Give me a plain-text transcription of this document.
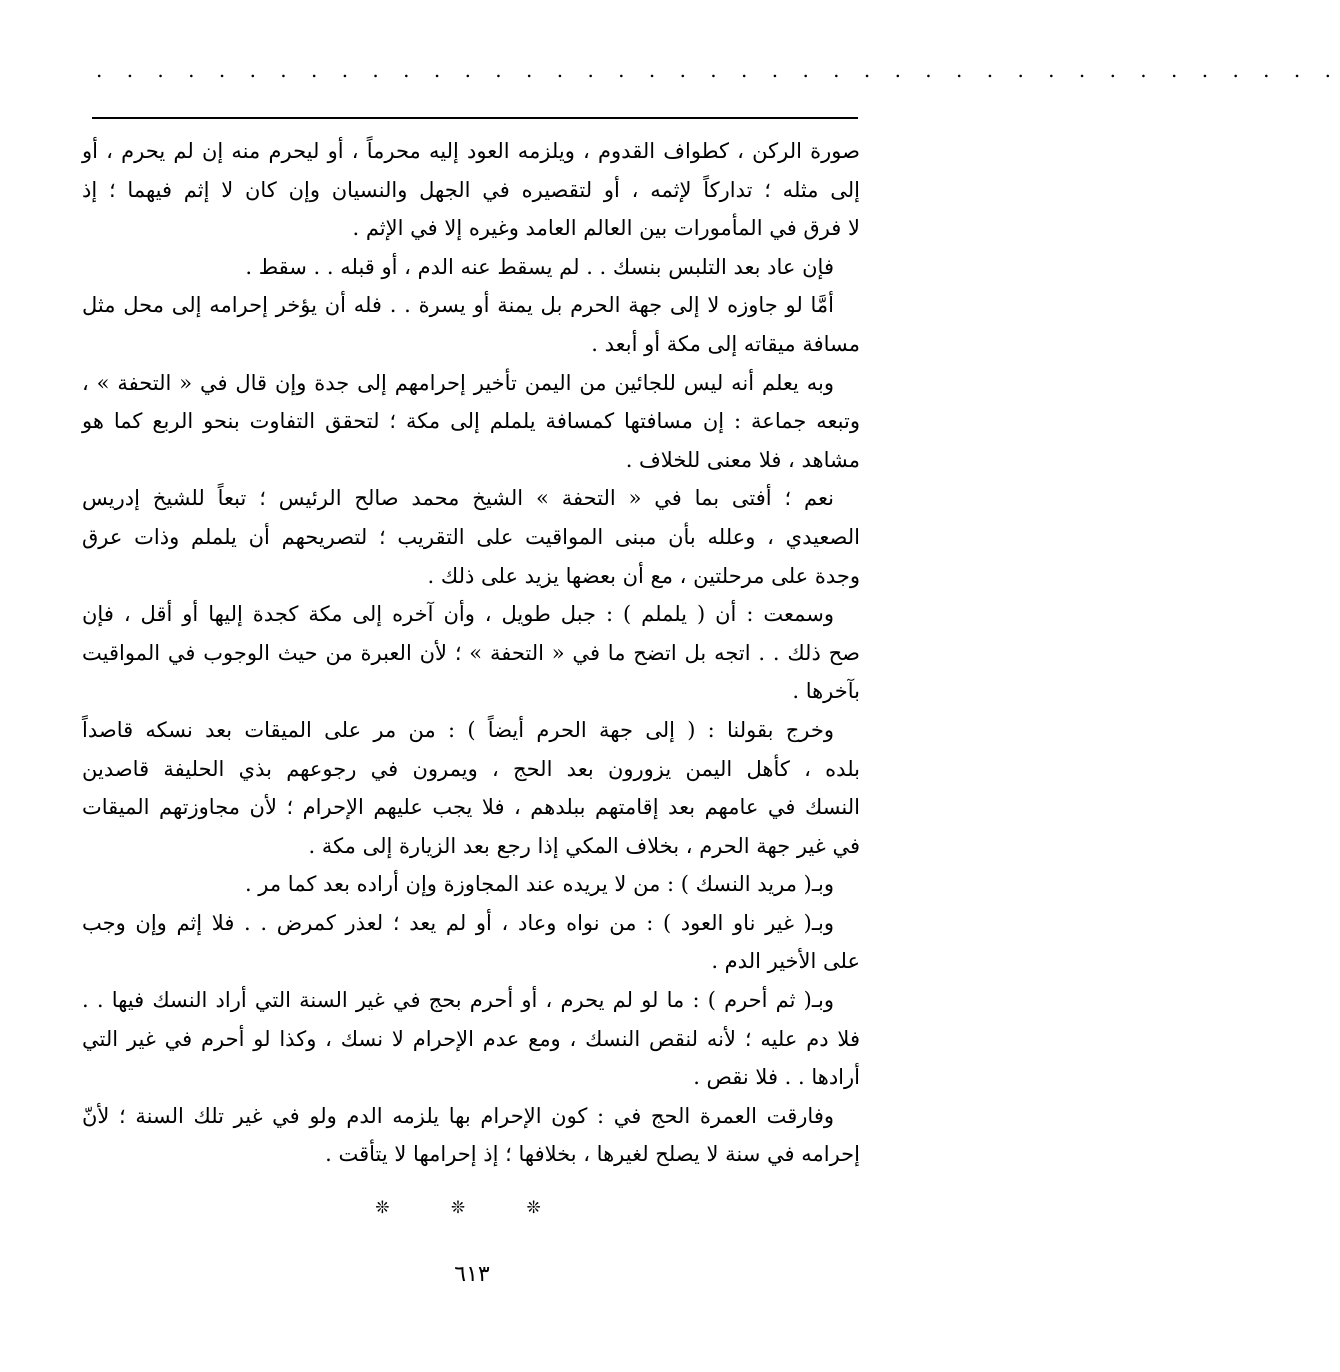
. . . . . . . . . . . . . . . . . . . . . . . . . . . . . . . . . . . . . . . . .
صورة الركن ، كطواف القدوم ، ويلزمه العود إليه محرماً ، أو ليحرم منه إن لم يحرم ، أو
إلى مثله ؛ تداركاً لإثمه ، أو لتقصيره في الجهل والنسيان وإن كان لا إثم فيهما ؛ إذ
لا فرق في المأمورات بين العالم العامد وغيره إلا في الإثم .
فإن عاد بعد التلبس بنسك . . لم يسقط عنه الدم ، أو قبله . . سقط .
أمَّا لو جاوزه لا إلى جهة الحرم بل يمنة أو يسرة . . فله أن يؤخر إحرامه إلى محل مثل
مسافة ميقاته إلى مكة أو أبعد .
وبه يعلم أنه ليس للجائين من اليمن تأخير إحرامهم إلى جدة وإن قال في « التحفة » ،
وتبعه جماعة : إن مسافتها كمسافة يلملم إلى مكة ؛ لتحقق التفاوت بنحو الربع كما هو
مشاهد ، فلا معنى للخلاف .
نعم ؛ أفتى بما في « التحفة » الشيخ محمد صالح الرئيس ؛ تبعاً للشيخ إدريس
الصعيدي ، وعلله بأن مبنى المواقيت على التقريب ؛ لتصريحهم أن يلملم وذات عرق
وجدة على مرحلتين ، مع أن بعضها يزيد على ذلك .
وسمعت : أن ( يلملم ) : جبل طويل ، وأن آخره إلى مكة كجدة إليها أو أقل ، فإن
صح ذلك . . اتجه بل اتضح ما في « التحفة » ؛ لأن العبرة من حيث الوجوب في المواقيت
بآخرها .
وخرج بقولنا : ( إلى جهة الحرم أيضاً ) : من مر على الميقات بعد نسكه قاصداً
بلده ، كأهل اليمن يزورون بعد الحج ، ويمرون في رجوعهم بذي الحليفة قاصدين
النسك في عامهم بعد إقامتهم ببلدهم ، فلا يجب عليهم الإحرام ؛ لأن مجاوزتهم الميقات
في غير جهة الحرم ، بخلاف المكي إذا رجع بعد الزيارة إلى مكة .
وبـ( مريد النسك ) : من لا يريده عند المجاوزة وإن أراده بعد كما مر .
وبـ( غير ناو العود ) : من نواه وعاد ، أو لم يعد ؛ لعذر كمرض . . فلا إثم وإن وجب
على الأخير الدم .
وبـ( ثم أحرم ) : ما لو لم يحرم ، أو أحرم بحج في غير السنة التي أراد النسك فيها . .
فلا دم عليه ؛ لأنه لنقص النسك ، ومع عدم الإحرام لا نسك ، وكذا لو أحرم في غير التي
أرادها . . فلا نقص .
وفارقت العمرة الحج في : كون الإحرام بها يلزمه الدم ولو في غير تلك السنة ؛ لأنّ
إحرامه في سنة لا يصلح لغيرها ، بخلافها ؛ إذ إحرامها لا يتأقت .
❊ ❊ ❊
٦١٣
